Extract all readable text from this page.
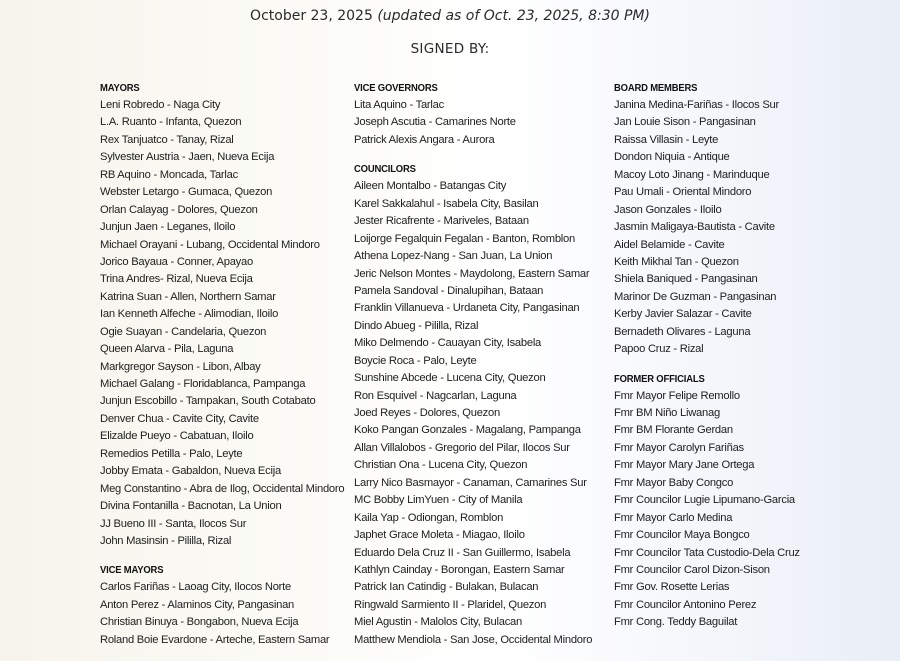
October 23, 2025 (updated as of Oct. 23, 2025, 8:30 PM)
SIGNED BY:
MAYORS
Leni Robredo - Naga City
L.A. Ruanto - Infanta, Quezon
Rex Tanjuatco - Tanay, Rizal
Sylvester Austria - Jaen, Nueva Ecija
RB Aquino - Moncada, Tarlac
Webster Letargo - Gumaca, Quezon
Orlan Calayag - Dolores, Quezon
Junjun Jaen - Leganes, Iloilo
Michael Orayani - Lubang, Occidental Mindoro
Jorico Bayaua - Conner, Apayao
Trina Andres- Rizal, Nueva Ecija
Katrina Suan - Allen, Northern Samar
Ian Kenneth Alfeche - Alimodian, Iloilo
Ogie Suayan - Candelaria, Quezon
Queen Alarva - Pila, Laguna
Markgregor Sayson - Libon, Albay
Michael Galang - Floridablanca, Pampanga
Junjun Escobillo - Tampakan, South Cotabato
Denver Chua - Cavite City, Cavite
Elizalde Pueyo - Cabatuan, Iloilo
Remedios Petilla - Palo, Leyte
Jobby Emata - Gabaldon, Nueva Ecija
Meg Constantino - Abra de Ilog, Occidental Mindoro
Divina Fontanilla - Bacnotan, La Union
JJ Bueno III - Santa, Ilocos Sur
John Masinsin - Pililla, Rizal
VICE MAYORS
Carlos Fariñas - Laoag City, Ilocos Norte
Anton Perez - Alaminos City, Pangasinan
Christian Binuya - Bongabon, Nueva Ecija
Roland Boie Evardone - Arteche, Eastern Samar
VICE GOVERNORS
Lita Aquino - Tarlac
Joseph Ascutia - Camarines Norte
Patrick Alexis Angara - Aurora
COUNCILORS
Aileen Montalbo - Batangas City
Karel Sakkalahul - Isabela City, Basilan
Jester Ricafrente - Mariveles, Bataan
Loijorge Fegalquin Fegalan - Banton, Romblon
Athena Lopez-Nang - San Juan, La Union
Jeric Nelson Montes - Maydolong, Eastern Samar
Pamela Sandoval - Dinalupihan, Bataan
Franklin Villanueva - Urdaneta City, Pangasinan
Dindo Abueg - Pililla, Rizal
Miko Delmendo - Cauayan City, Isabela
Boycie Roca - Palo, Leyte
Sunshine Abcede - Lucena City, Quezon
Ron Esquivel - Nagcarlan, Laguna
Joed Reyes - Dolores, Quezon
Koko Pangan Gonzales - Magalang, Pampanga
Allan Villalobos - Gregorio del Pilar, Ilocos Sur
Christian Ona - Lucena City, Quezon
Larry Nico Basmayor - Canaman, Camarines Sur
MC Bobby LimYuen - City of Manila
Kaila Yap - Odiongan, Romblon
Japhet Grace Moleta - Miagao, Iloilo
Eduardo Dela Cruz II - San Guillermo, Isabela
Kathlyn Cainday - Borongan, Eastern Samar
Patrick Ian Catindig - Bulakan, Bulacan
Ringwald Sarmiento II - Plaridel, Quezon
Miel Agustin - Malolos City, Bulacan
Matthew Mendiola - San Jose, Occidental Mindoro
BOARD MEMBERS
Janina Medina-Fariñas - Ilocos Sur
Jan Louie Sison - Pangasinan
Raissa Villasin - Leyte
Dondon Niquia - Antique
Macoy Loto Jinang - Marinduque
Pau Umali - Oriental Mindoro
Jason Gonzales - Iloilo
Jasmin Maligaya-Bautista - Cavite
Aidel Belamide - Cavite
Keith Mikhal Tan - Quezon
Shiela Baniqued - Pangasinan
Marinor De Guzman - Pangasinan
Kerby Javier Salazar - Cavite
Bernadeth Olivares - Laguna
Papoo Cruz - Rizal
FORMER OFFICIALS
Fmr Mayor Felipe Remollo
Fmr BM Niño Liwanag
Fmr BM Florante Gerdan
Fmr Mayor Carolyn Fariñas
Fmr Mayor Mary Jane Ortega
Fmr Mayor Baby Congco
Fmr Councilor Lugie Lipumano-Garcia
Fmr Mayor Carlo Medina
Fmr Councilor Maya Bongco
Fmr Councilor Tata Custodio-Dela Cruz
Fmr Councilor Carol Dizon-Sison
Fmr Gov. Rosette Lerias
Fmr Councilor Antonino Perez
Fmr Cong. Teddy Baguilat
